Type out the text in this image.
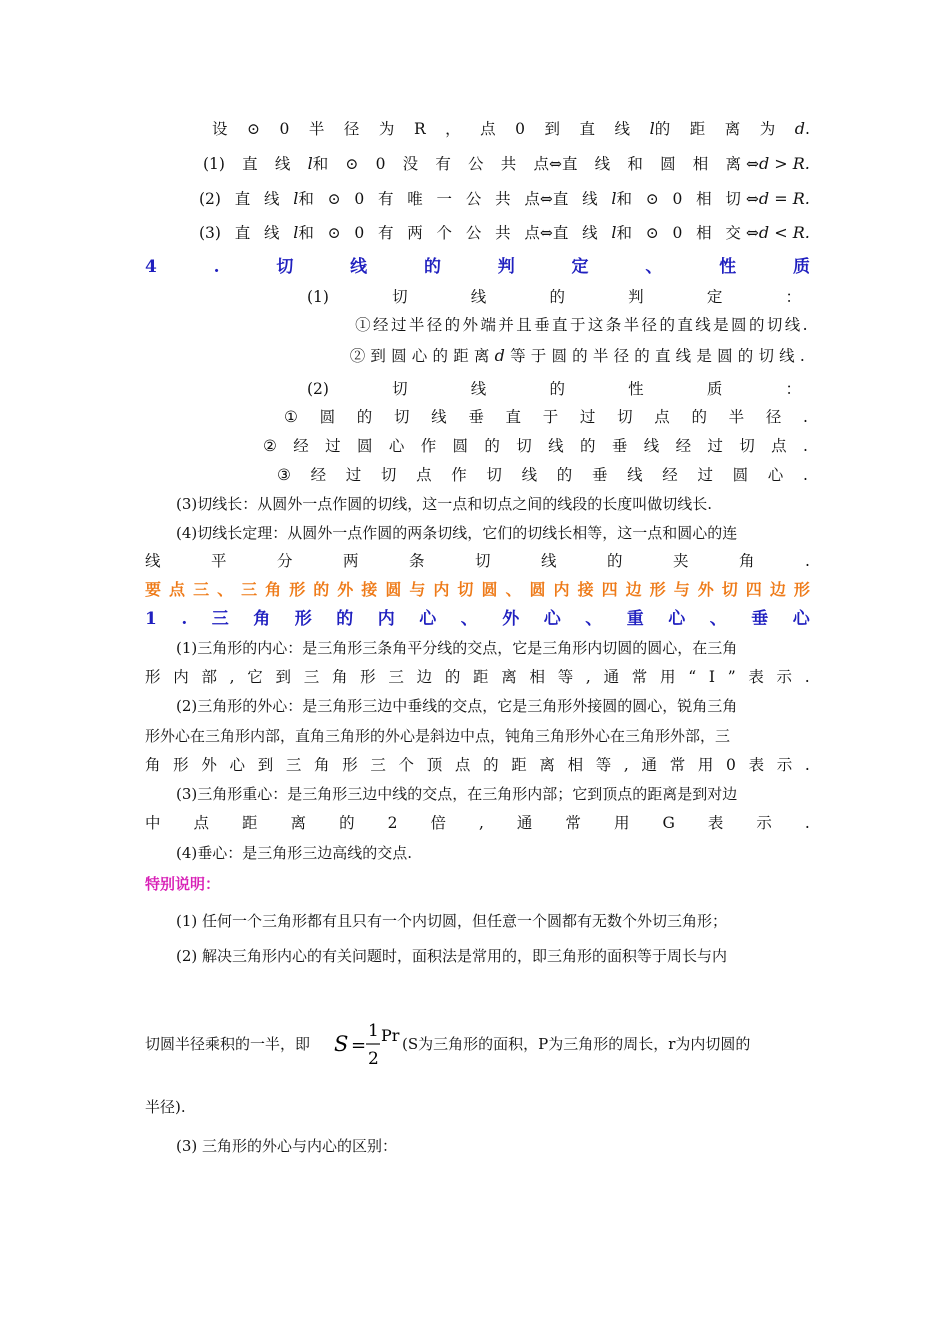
设 ⊙ 0 半 径 为 R ， 点 0 到 直 线 l的 距 离 为 d.
(1) 直 线 l和 ⊙ 0 没 有 公 共 点⇔直 线 和 圆 相 离 ⇔d > R.
(2) 直 线 l和 ⊙ 0 有 唯 一 公 共 点⇔直 线 l和 ⊙ 0 相 切 ⇔d = R.
(3) 直 线 l和 ⊙ 0 有 两 个 公 共 点⇔直 线 l和 ⊙ 0 相 交 ⇔d < R.
4	.	切	线	的	判	定	、	性	质
(1)	切	线	的	判	定	：
①经过半径的外端并且垂直于这条半径的直线是圆的切线.
②到圆心的距离d等于圆的半径的直线是圆的切线.
(2)	切	线	的	性	质	：
① 圆 的 切 线 垂 直 于 过 切 点 的 半 径 .
② 经 过 圆 心 作 圆 的 切 线 的 垂 线 经 过 切 点 .
③ 经 过 切 点 作 切 线 的 垂 线 经 过 圆 心 .
(3)切线长：从圆外一点作圆的切线，这一点和切点之间的线段的长度叫做切线长.
(4)切线长定理：从圆外一点作圆的两条切线，它们的切线长相等，这一点和圆心的连
线	平	分	两	条	切	线	的	夹	角	.
要 点 三 、 三 角 形 的 外 接 圆 与 内 切 圆 、 圆 内 接 四 边 形 与 外 切 四 边 形
1 . 三 角 形 的 内 心 、 外 心 、 重 心 、 垂 心
(1)三角形的内心：是三角形三条角平分线的交点，它是三角形内切圆的圆心，在三角
形 内 部 , 它 到 三 角 形 三 边 的 距 离 相 等 , 通 常 用 “ I ” 表 示 .
(2)三角形的外心：是三角形三边中垂线的交点，它是三角形外接圆的圆心，锐角三角
形外心在三角形内部，直角三角形的外心是斜边中点，钝角三角形外心在三角形外部，三
角 形 外 心 到 三 角 形 三 个 顶 点 的 距 离 相 等 , 通 常 用 0 表 示 .
(3)三角形重心：是三角形三边中线的交点，在三角形内部；它到顶点的距离是到对边
中 点 距 离 的 2 倍 , 通 常 用 G 表 示 .
(4)垂心：是三角形三边高线的交点.
特别说明：
(1) 任何一个三角形都有且只有一个内切圆，但任意一个圆都有无数个外切三角形；
(2) 解决三角形内心的有关问题时，面积法是常用的，即三角形的面积等于周长与内
切圆半径乘积的一半，即 S =
1
2
Pr (S为三角形的面积，P为三角形的周长，r为内切圆的
半径).
(3) 三角形的外心与内心的区别：
